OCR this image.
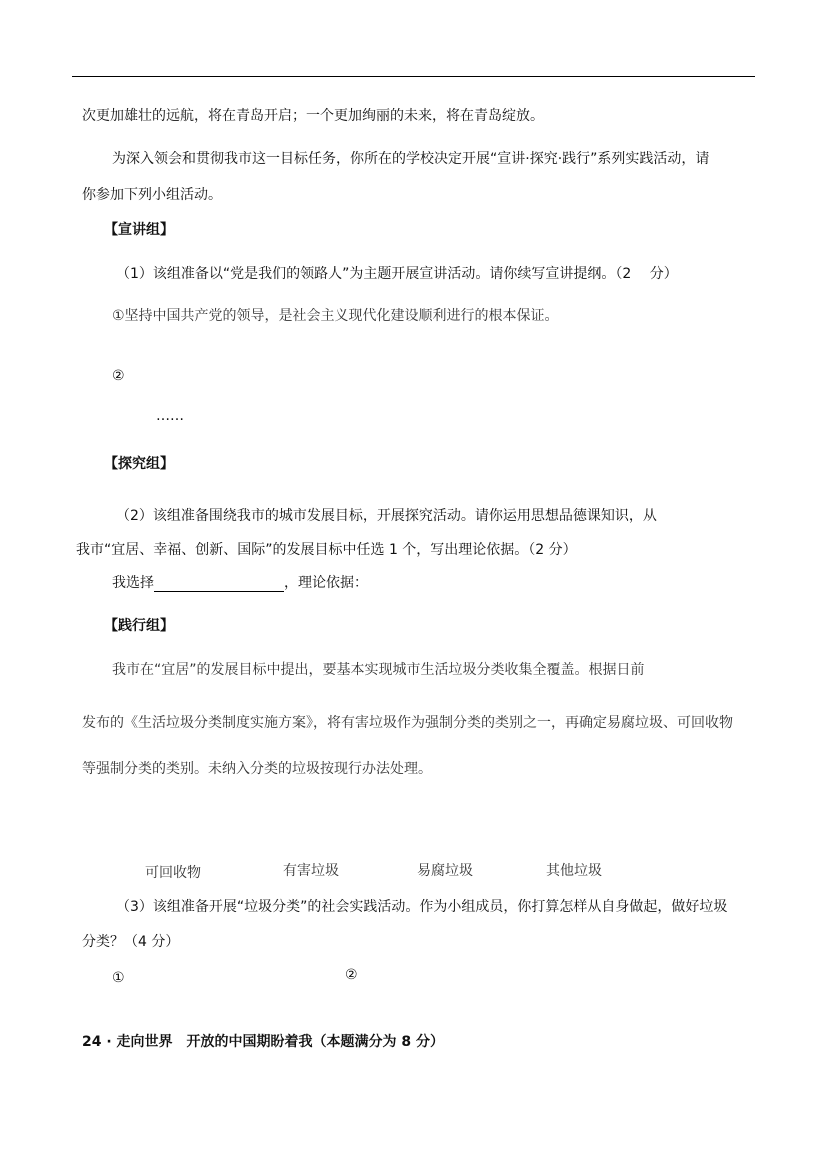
次更加雄壮的远航，将在青岛开启；一个更加绚丽的未来，将在青岛绽放。
为深入领会和贯彻我市这一目标任务，你所在的学校决定开展“宣讲·探究·践行”系列实践活动，请
你参加下列小组活动。
【宣讲组】
（1）该组准备以“党是我们的领路人”为主题开展宣讲活动。请你续写宣讲提纲。（2　 分）
①坚持中国共产党的领导，是社会主义现代化建设顺利进行的根本保证。
②
……
【探究组】
（2）该组准备围绕我市的城市发展目标，开展探究活动。请你运用思想品德课知识，从
我市“宜居、幸福、创新、国际”的发展目标中任选 1 个，写出理论依据。（2 分）
我选择	，理论依据：
【践行组】
我市在“宜居”的发展目标中提出，要基本实现城市生活垃圾分类收集全覆盖。根据日前
发布的《生活垃圾分类制度实施方案》，将有害垃圾作为强制分类的类别之一，再确定易腐垃圾、可回收物
等强制分类的类别。未纳入分类的垃圾按现行办法处理。
可回收物	有害垃圾	易腐垃圾	其他垃圾
（3）该组准备开展“垃圾分类”的社会实践活动。作为小组成员，你打算怎样从自身做起，做好垃圾
分类？（4 分）
①	②
24 · 走向世界　开放的中国期盼着我（本题满分为 8 分）
